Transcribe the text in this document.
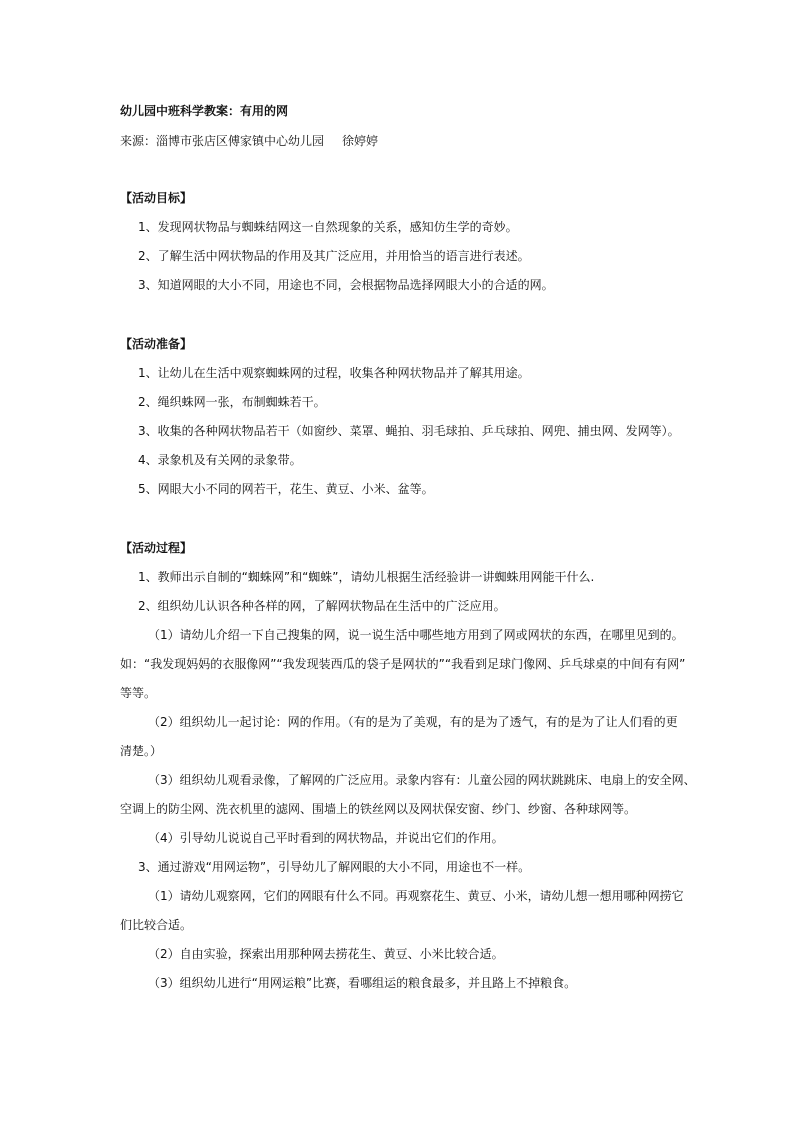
幼儿园中班科学教案：有用的网
来源：淄博市张店区傅家镇中心幼儿园 徐婷婷
【活动目标】
1、发现网状物品与蜘蛛结网这一自然现象的关系，感知仿生学的奇妙。
2、了解生活中网状物品的作用及其广泛应用，并用恰当的语言进行表述。
3、知道网眼的大小不同，用途也不同，会根据物品选择网眼大小的合适的网。
【活动准备】
1、让幼儿在生活中观察蜘蛛网的过程，收集各种网状物品并了解其用途。
2、绳织蛛网一张，布制蜘蛛若干。
3、收集的各种网状物品若干（如窗纱、菜罩、蝇拍、羽毛球拍、乒乓球拍、网兜、捕虫网、发网等）。
4、录象机及有关网的录象带。
5、网眼大小不同的网若干，花生、黄豆、小米、盆等。
【活动过程】
1、教师出示自制的“蜘蛛网”和“蜘蛛”，请幼儿根据生活经验讲一讲蜘蛛用网能干什么.
2、组织幼儿认识各种各样的网，了解网状物品在生活中的广泛应用。
（1）请幼儿介绍一下自己搜集的网，说一说生活中哪些地方用到了网或网状的东西，在哪里见到的。
如：“我发现妈妈的衣服像网”“我发现装西瓜的袋子是网状的”“我看到足球门像网、乒乓球桌的中间有有网”
等等。
（2）组织幼儿一起讨论：网的作用。（有的是为了美观，有的是为了透气，有的是为了让人们看的更
清楚。）
（3）组织幼儿观看录像，了解网的广泛应用。录象内容有：儿童公园的网状跳跳床、电扇上的安全网、
空调上的防尘网、洗衣机里的滤网、围墙上的铁丝网以及网状保安窗、纱门、纱窗、各种球网等。
（4）引导幼儿说说自己平时看到的网状物品，并说出它们的作用。
3、通过游戏“用网运物”，引导幼儿了解网眼的大小不同，用途也不一样。
（1）请幼儿观察网，它们的网眼有什么不同。再观察花生、黄豆、小米，请幼儿想一想用哪种网捞它
们比较合适。
（2）自由实验，探索出用那种网去捞花生、黄豆、小米比较合适。
（3）组织幼儿进行“用网运粮”比赛，看哪组运的粮食最多，并且路上不掉粮食。
